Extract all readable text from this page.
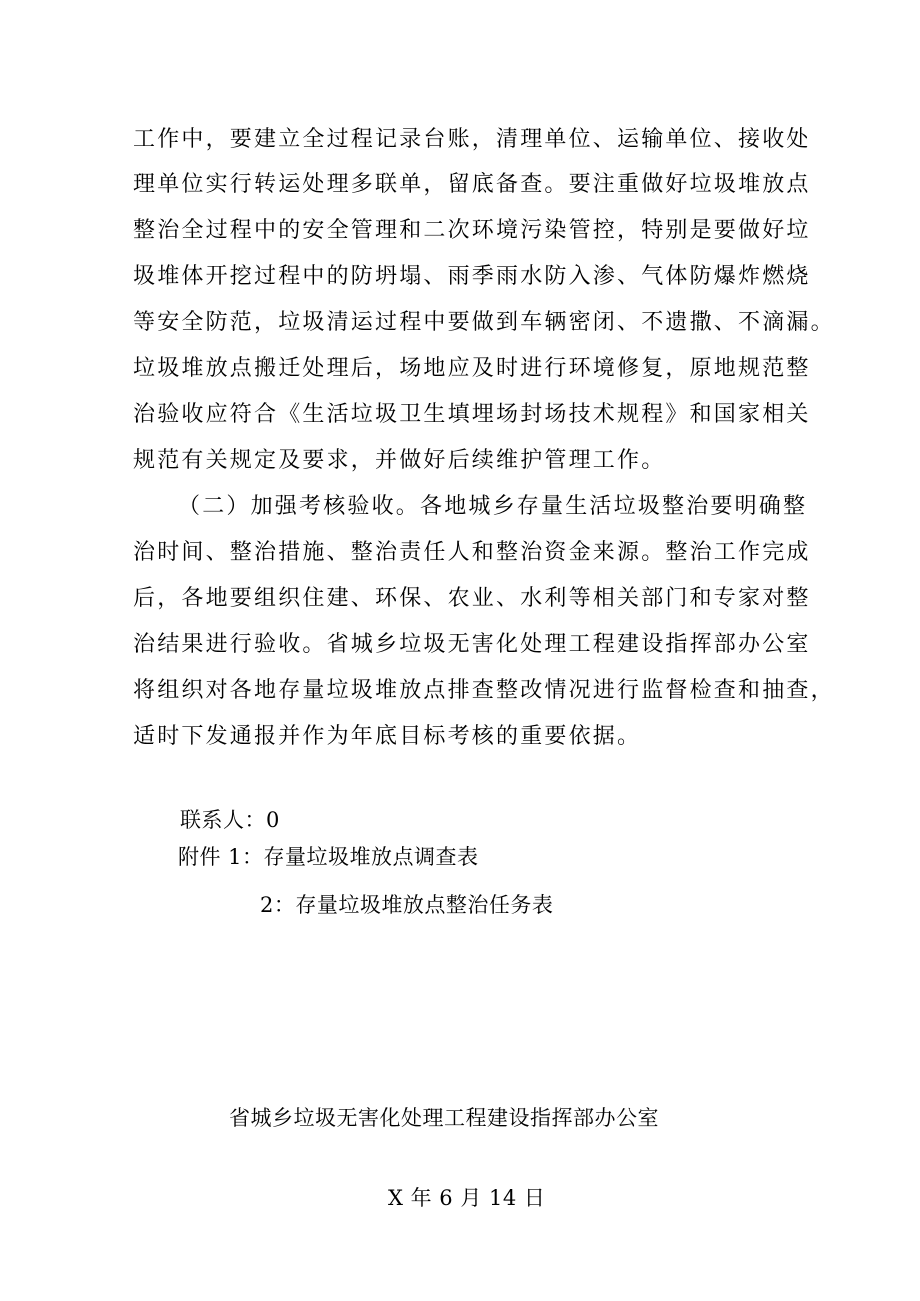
工作中，要建立全过程记录台账，清理单位、运输单位、接收处
理单位实行转运处理多联单，留底备查。要注重做好垃圾堆放点
整治全过程中的安全管理和二次环境污染管控，特别是要做好垃
圾堆体开挖过程中的防坍塌、雨季雨水防入渗、气体防爆炸燃烧
等安全防范，垃圾清运过程中要做到车辆密闭、不遗撒、不滴漏。
垃圾堆放点搬迁处理后，场地应及时进行环境修复，原地规范整
治验收应符合《生活垃圾卫生填埋场封场技术规程》和国家相关
规范有关规定及要求，并做好后续维护管理工作。
（二）加强考核验收。各地城乡存量生活垃圾整治要明确整
治时间、整治措施、整治责任人和整治资金来源。整治工作完成
后，各地要组织住建、环保、农业、水利等相关部门和专家对整
治结果进行验收。省城乡垃圾无害化处理工程建设指挥部办公室
将组织对各地存量垃圾堆放点排查整改情况进行监督检查和抽查，
适时下发通报并作为年底目标考核的重要依据。
联系人：0
附件 1：存量垃圾堆放点调查表
2：存量垃圾堆放点整治任务表
省城乡垃圾无害化处理工程建设指挥部办公室
X 年 6 月 14 日
